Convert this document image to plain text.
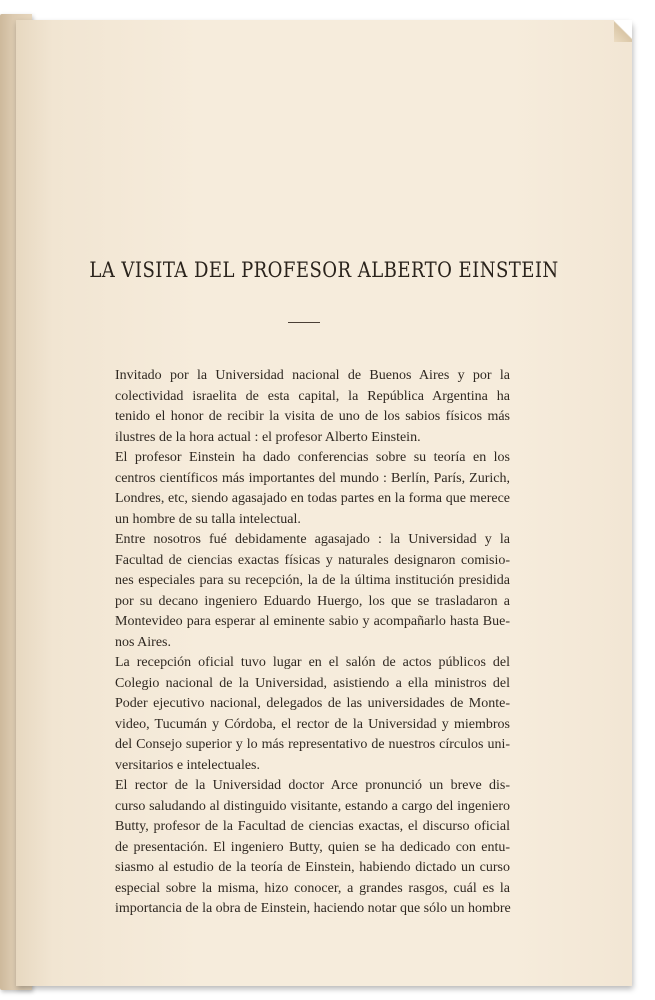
LA VISITA DEL PROFESOR ALBERTO EINSTEIN

Invitado por la Universidad nacional de Buenos Aires y por la
colectividad israelita de esta capital, la República Argentina ha
tenido el honor de recibir la visita de uno de los sabios físicos más
ilustres de la hora actual : el profesor Alberto Einstein.

El profesor Einstein ha dado conferencias sobre su teoría en los
centros científicos más importantes del mundo : Berlín, París, Zurich,
Londres, etc, siendo agasajado en todas partes en la forma que merece
un hombre de su talla intelectual.

Entre nosotros fué debidamente agasajado : la Universidad y la
Facultad de ciencias exactas físicas y naturales designaron comisio-
nes especiales para su recepción, la de la última institución presidida
por su decano ingeniero Eduardo Huergo, los que se trasladaron a
Montevideo para esperar al eminente sabio y acompañarlo hasta Bue-
nos Aires.

La recepción oficial tuvo lugar en el salón de actos públicos del
Colegio nacional de la Universidad, asistiendo a ella ministros del
Poder ejecutivo nacional, delegados de las universidades de Monte-
video, Tucumán y Córdoba, el rector de la Universidad y miembros
del Consejo superior y lo más representativo de nuestros círculos uni-
versitarios e intelectuales.

El rector de la Universidad doctor Arce pronunció un breve dis-
curso saludando al distinguido visitante, estando a cargo del ingeniero
Butty, profesor de la Facultad de ciencias exactas, el discurso oficial
de presentación. El ingeniero Butty, quien se ha dedicado con entu-
siasmo al estudio de la teoría de Einstein, habiendo dictado un curso
especial sobre la misma, hizo conocer, a grandes rasgos, cuál es la
importancia de la obra de Einstein, haciendo notar que sólo un hombre
